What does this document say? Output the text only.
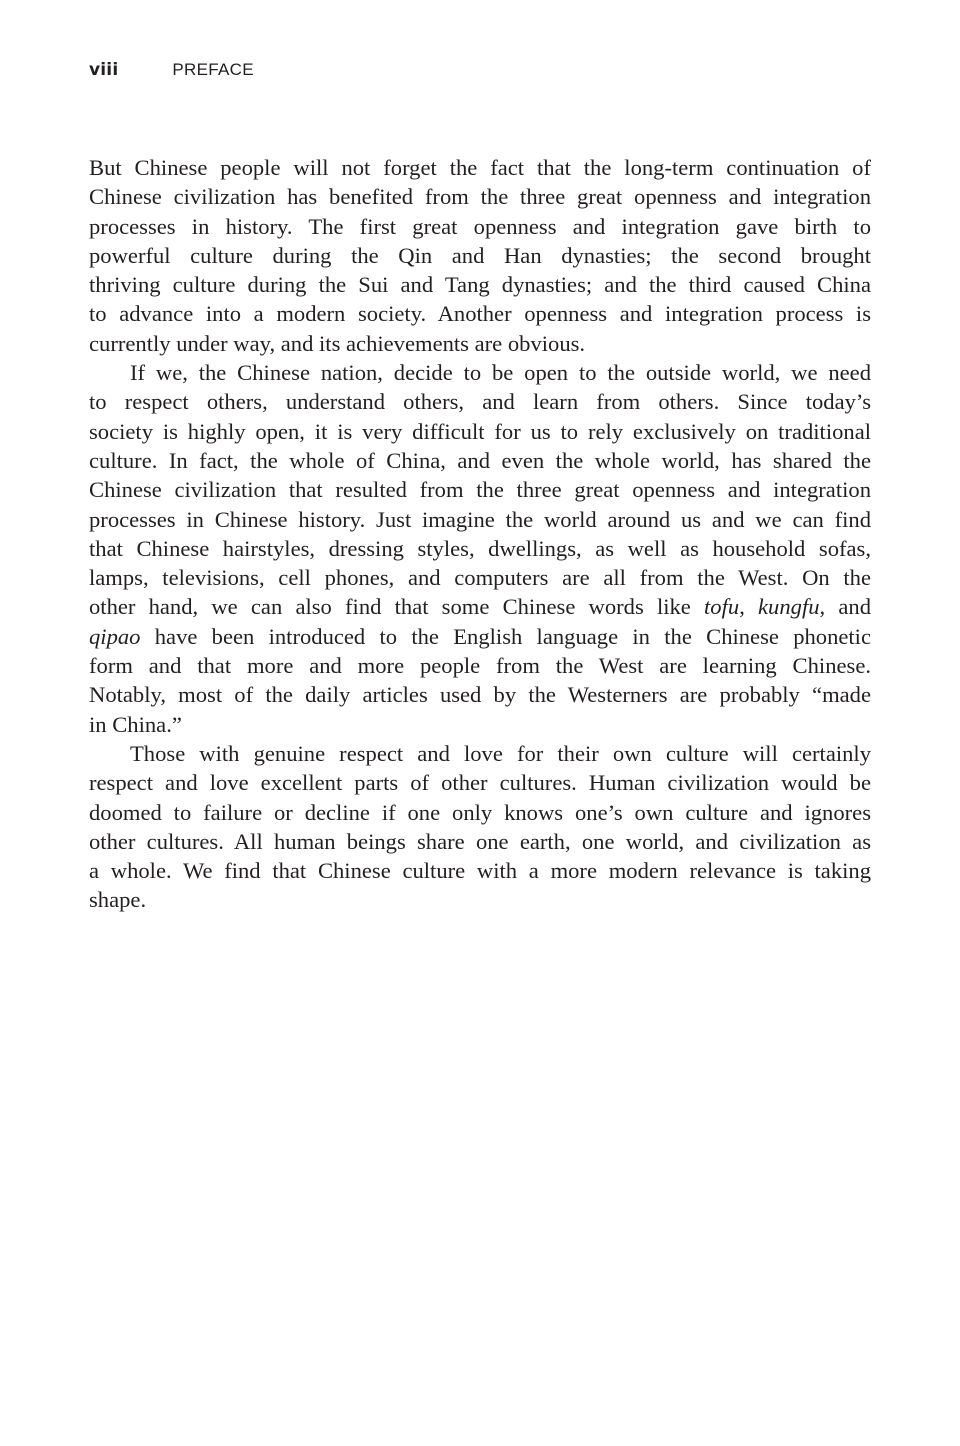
viii	PREFACE

But Chinese people will not forget the fact that the long-term continuation of
Chinese civilization has benefited from the three great openness and integration
processes in history. The first great openness and integration gave birth to
powerful culture during the Qin and Han dynasties; the second brought
thriving culture during the Sui and Tang dynasties; and the third caused China
to advance into a modern society. Another openness and integration process is
currently under way, and its achievements are obvious.

If we, the Chinese nation, decide to be open to the outside world, we need
to respect others, understand others, and learn from others. Since today’s
society is highly open, it is very difficult for us to rely exclusively on traditional
culture. In fact, the whole of China, and even the whole world, has shared the
Chinese civilization that resulted from the three great openness and integration
processes in Chinese history. Just imagine the world around us and we can find
that Chinese hairstyles, dressing styles, dwellings, as well as household sofas,
lamps, televisions, cell phones, and computers are all from the West. On the
other hand, we can also find that some Chinese words like tofu, kungfu, and
qipao have been introduced to the English language in the Chinese phonetic
form and that more and more people from the West are learning Chinese.
Notably, most of the daily articles used by the Westerners are probably “made
in China.”

Those with genuine respect and love for their own culture will certainly
respect and love excellent parts of other cultures. Human civilization would be
doomed to failure or decline if one only knows one’s own culture and ignores
other cultures. All human beings share one earth, one world, and civilization as
a whole. We find that Chinese culture with a more modern relevance is taking
shape.
